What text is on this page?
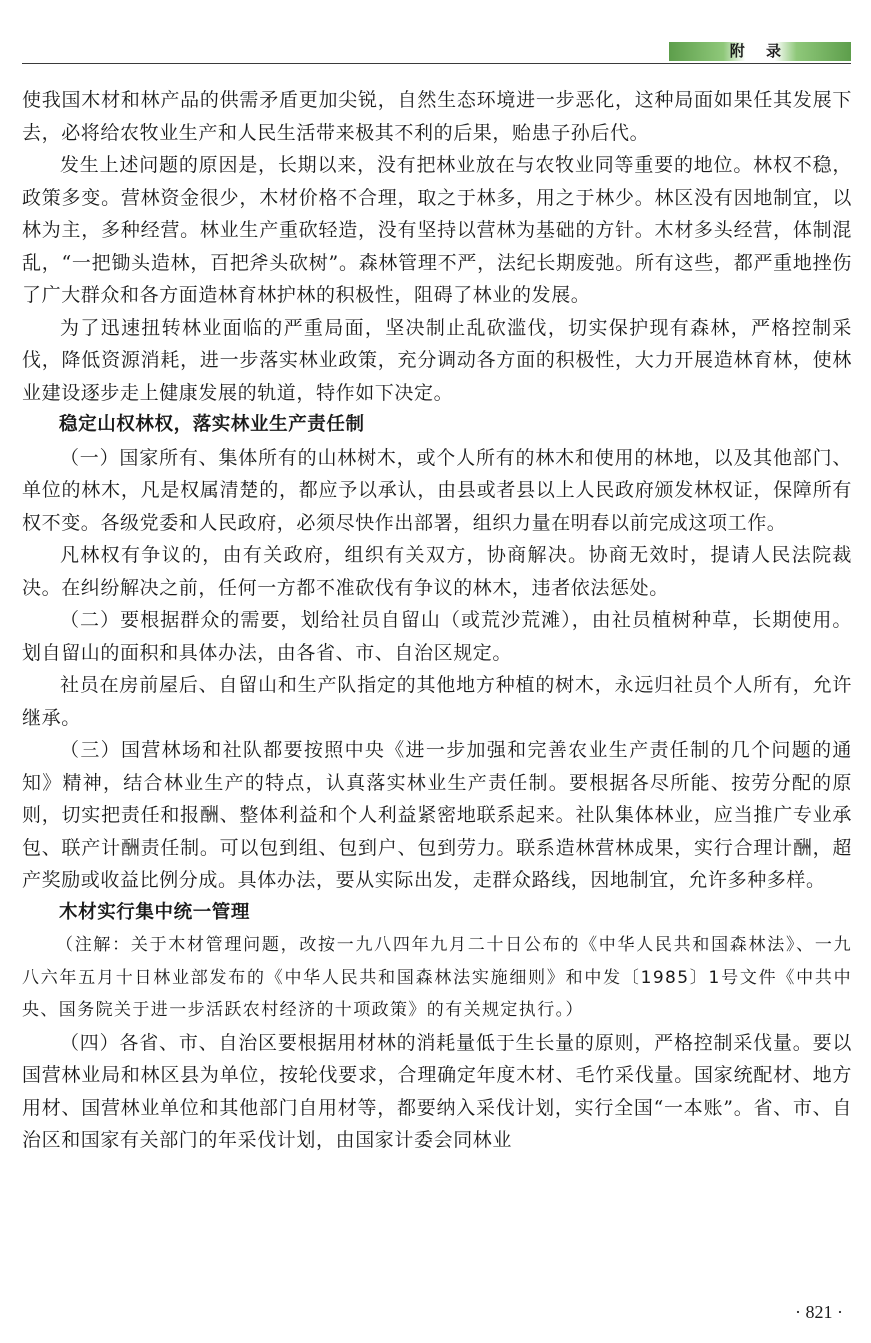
附 录

使我国木材和林产品的供需矛盾更加尖锐，自然生态环境进一步恶化，这种局面如果任其发展下去，必将给农牧业生产和人民生活带来极其不利的后果，贻患子孙后代。

发生上述问题的原因是，长期以来，没有把林业放在与农牧业同等重要的地位。林权不稳，政策多变。营林资金很少，木材价格不合理，取之于林多，用之于林少。林区没有因地制宜，以林为主，多种经营。林业生产重砍轻造，没有坚持以营林为基础的方针。木材多头经营，体制混乱，“一把锄头造林，百把斧头砍树”。森林管理不严，法纪长期废弛。所有这些，都严重地挫伤了广大群众和各方面造林育林护林的积极性，阻碍了林业的发展。

为了迅速扭转林业面临的严重局面，坚决制止乱砍滥伐，切实保护现有森林，严格控制采伐，降低资源消耗，进一步落实林业政策，充分调动各方面的积极性，大力开展造林育林，使林业建设逐步走上健康发展的轨道，特作如下决定。

稳定山权林权，落实林业生产责任制

（一）国家所有、集体所有的山林树木，或个人所有的林木和使用的林地，以及其他部门、单位的林木，凡是权属清楚的，都应予以承认，由县或者县以上人民政府颁发林权证，保障所有权不变。各级党委和人民政府，必须尽快作出部署，组织力量在明春以前完成这项工作。

凡林权有争议的，由有关政府，组织有关双方，协商解决。协商无效时，提请人民法院裁决。在纠纷解决之前，任何一方都不准砍伐有争议的林木，违者依法惩处。

（二）要根据群众的需要，划给社员自留山（或荒沙荒滩），由社员植树种草，长期使用。划自留山的面积和具体办法，由各省、市、自治区规定。

社员在房前屋后、自留山和生产队指定的其他地方种植的树木，永远归社员个人所有，允许继承。

（三）国营林场和社队都要按照中央《进一步加强和完善农业生产责任制的几个问题的通知》精神，结合林业生产的特点，认真落实林业生产责任制。要根据各尽所能、按劳分配的原则，切实把责任和报酬、整体利益和个人利益紧密地联系起来。社队集体林业，应当推广专业承包、联产计酬责任制。可以包到组、包到户、包到劳力。联系造林营林成果，实行合理计酬，超产奖励或收益比例分成。具体办法，要从实际出发，走群众路线，因地制宜，允许多种多样。

木材实行集中统一管理

（注解：关于木材管理问题，改按一九八四年九月二十日公布的《中华人民共和国森林法》、一九八六年五月十日林业部发布的《中华人民共和国森林法实施细则》和中发〔1985〕1号文件《中共中央、国务院关于进一步活跃农村经济的十项政策》的有关规定执行。）

（四）各省、市、自治区要根据用材林的消耗量低于生长量的原则，严格控制采伐量。要以国营林业局和林区县为单位，按轮伐要求，合理确定年度木材、毛竹采伐量。国家统配材、地方用材、国营林业单位和其他部门自用材等，都要纳入采伐计划，实行全国“一本账”。省、市、自治区和国家有关部门的年采伐计划，由国家计委会同林业

· 821 ·
